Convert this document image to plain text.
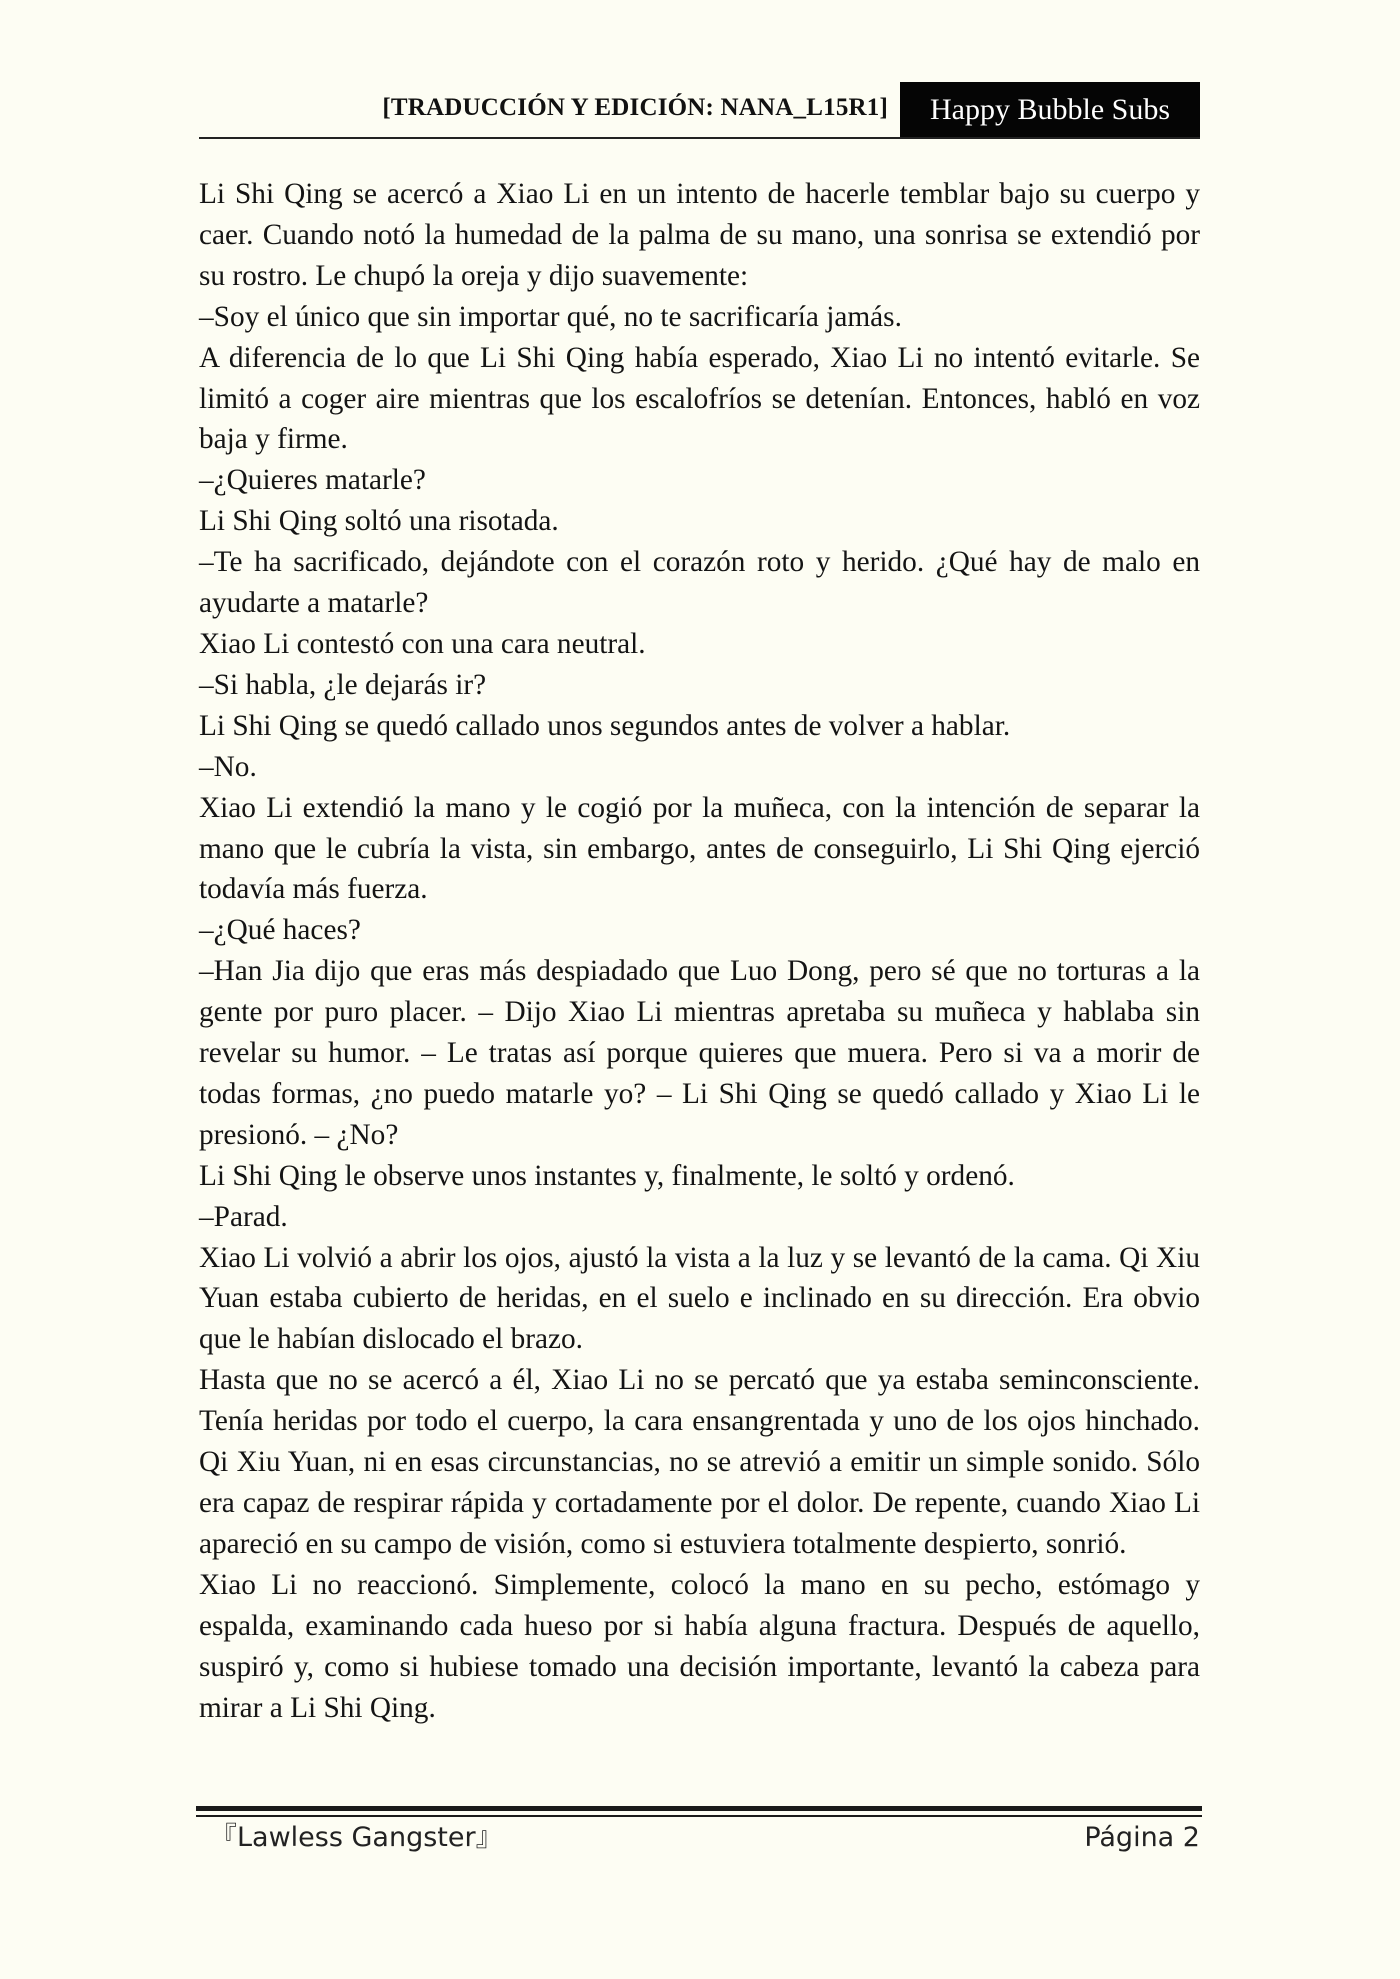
[TRADUCCIÓN Y EDICIÓN: NANA_L15R1]	Happy Bubble Subs

Li Shi Qing se acercó a Xiao Li en un intento de hacerle temblar bajo su cuerpo y caer. Cuando notó la humedad de la palma de su mano, una sonrisa se extendió por su rostro. Le chupó la oreja y dijo suavemente:

–Soy el único que sin importar qué, no te sacrificaría jamás.

A diferencia de lo que Li Shi Qing había esperado, Xiao Li no intentó evitarle. Se limitó a coger aire mientras que los escalofríos se detenían. Entonces, habló en voz baja y firme.

–¿Quieres matarle?

Li Shi Qing soltó una risotada.

–Te ha sacrificado, dejándote con el corazón roto y herido. ¿Qué hay de malo en ayudarte a matarle?

Xiao Li contestó con una cara neutral.

–Si habla, ¿le dejarás ir?

Li Shi Qing se quedó callado unos segundos antes de volver a hablar.

–No.

Xiao Li extendió la mano y le cogió por la muñeca, con la intención de separar la mano que le cubría la vista, sin embargo, antes de conseguirlo, Li Shi Qing ejerció todavía más fuerza.

–¿Qué haces?

–Han Jia dijo que eras más despiadado que Luo Dong, pero sé que no torturas a la gente por puro placer. – Dijo Xiao Li mientras apretaba su muñeca y hablaba sin revelar su humor. – Le tratas así porque quieres que muera. Pero si va a morir de todas formas, ¿no puedo matarle yo? – Li Shi Qing se quedó callado y Xiao Li le presionó. – ¿No?

Li Shi Qing le observe unos instantes y, finalmente, le soltó y ordenó.

–Parad.

Xiao Li volvió a abrir los ojos, ajustó la vista a la luz y se levantó de la cama. Qi Xiu Yuan estaba cubierto de heridas, en el suelo e inclinado en su dirección. Era obvio que le habían dislocado el brazo.

Hasta que no se acercó a él, Xiao Li no se percató que ya estaba seminconsciente. Tenía heridas por todo el cuerpo, la cara ensangrentada y uno de los ojos hinchado. Qi Xiu Yuan, ni en esas circunstancias, no se atrevió a emitir un simple sonido. Sólo era capaz de respirar rápida y cortadamente por el dolor. De repente, cuando Xiao Li apareció en su campo de visión, como si estuviera totalmente despierto, sonrió.

Xiao Li no reaccionó. Simplemente, colocó la mano en su pecho, estómago y espalda, examinando cada hueso por si había alguna fractura. Después de aquello, suspiró y, como si hubiese tomado una decisión importante, levantó la cabeza para mirar a Li Shi Qing.

『Lawless Gangster』	Página 2
